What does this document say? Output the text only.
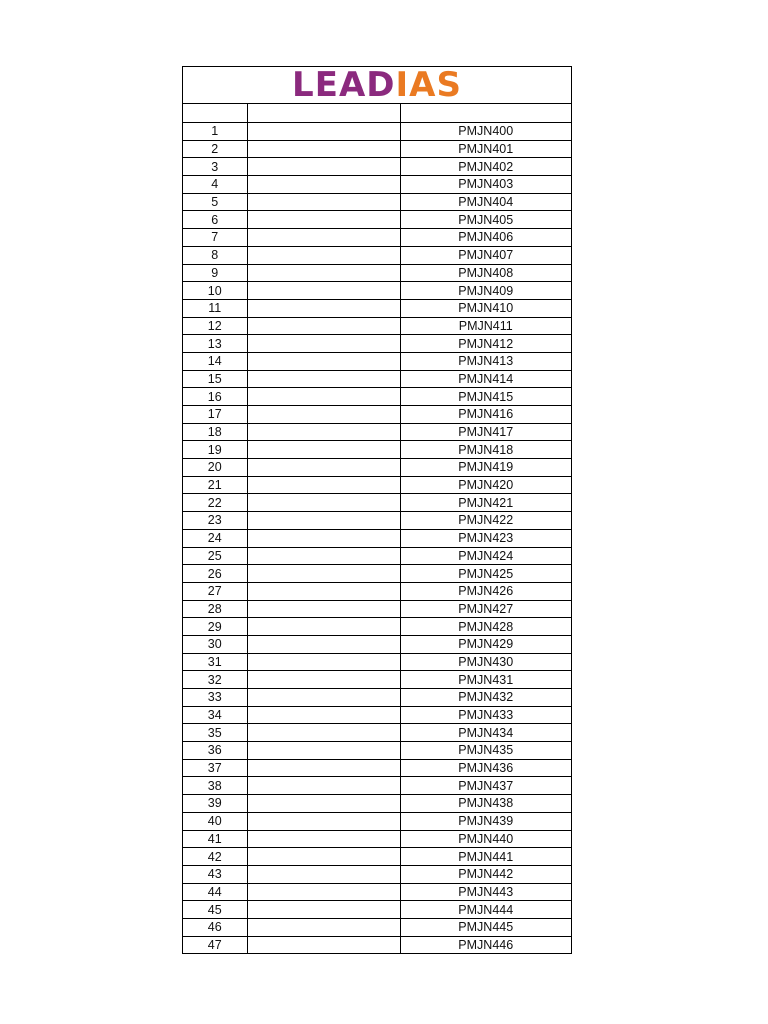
LEAD IAS

1		PMJN400
2		PMJN401
3		PMJN402
4		PMJN403
5		PMJN404
6		PMJN405
7		PMJN406
8		PMJN407
9		PMJN408
10		PMJN409
11		PMJN410
12		PMJN411
13		PMJN412
14		PMJN413
15		PMJN414
16		PMJN415
17		PMJN416
18		PMJN417
19		PMJN418
20		PMJN419
21		PMJN420
22		PMJN421
23		PMJN422
24		PMJN423
25		PMJN424
26		PMJN425
27		PMJN426
28		PMJN427
29		PMJN428
30		PMJN429
31		PMJN430
32		PMJN431
33		PMJN432
34		PMJN433
35		PMJN434
36		PMJN435
37		PMJN436
38		PMJN437
39		PMJN438
40		PMJN439
41		PMJN440
42		PMJN441
43		PMJN442
44		PMJN443
45		PMJN444
46		PMJN445
47		PMJN446
